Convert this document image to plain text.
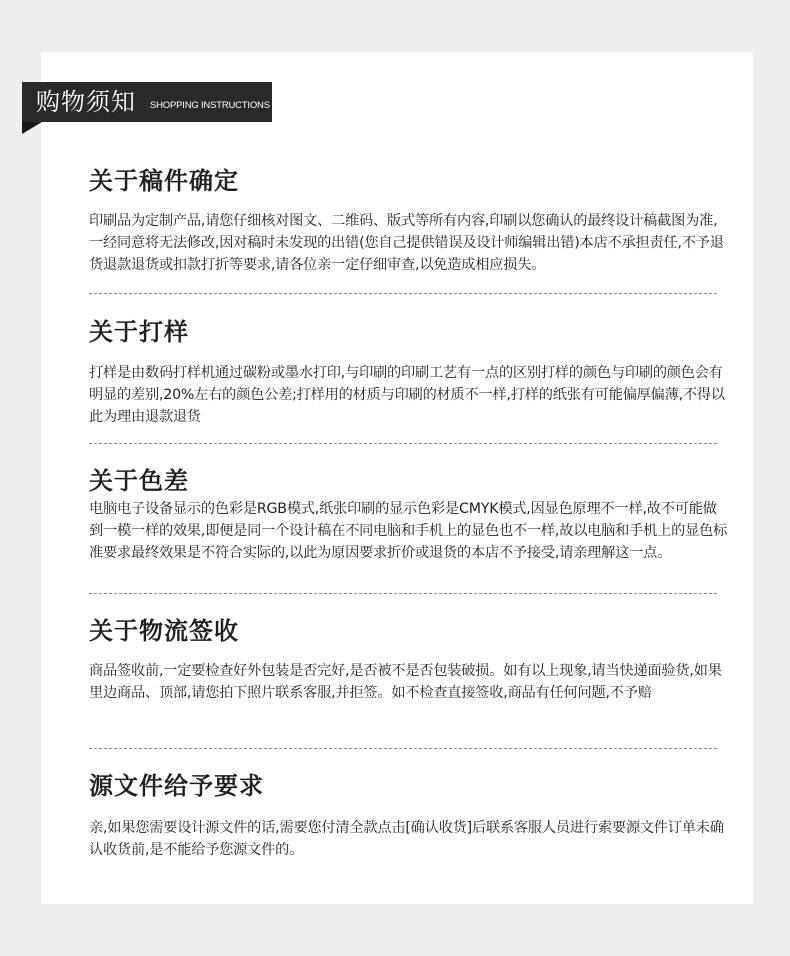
购物须知 SHOPPING INSTRUCTIONS
关于稿件确定

印刷品为定制产品,请您仔细核对图文、二维码、版式等所有内容,印刷以您确认的最终设计稿截图为准,一经同意将无法修改,因对稿时未发现的出错(您自己提供错误及设计师编辑出错)本店不承担责任,不予退货退款退货或扣款打折等要求,请各位亲一定仔细审查,以免造成相应损失。

关于打样

打样是由数码打样机通过碳粉或墨水打印,与印刷的印刷工艺有一点的区别打样的颜色与印刷的颜色会有明显的差别,20%左右的颜色公差;打样用的材质与印刷的材质不一样,打样的纸张有可能偏厚偏薄,不得以此为理由退款退货

关于色差

电脑电子设备显示的色彩是RGB模式,纸张印刷的显示色彩是CMYK模式,因显色原理不一样,故不可能做到一模一样的效果,即便是同一个设计稿在不同电脑和手机上的显色也不一样,故以电脑和手机上的显色标准要求最终效果是不符合实际的,以此为原因要求折价或退货的本店不予接受,请亲理解这一点。

关于物流签收

商品签收前,一定要检查好外包装是否完好,是否被不是否包装破损。如有以上现象,请当快递面验货,如果里边商品、顶部,请您拍下照片联系客服,并拒签。如不检查直接签收,商品有任何问题,不予赔

源文件给予要求

亲,如果您需要设计源文件的话,需要您付清全款点击[确认收货]后联系客服人员进行索要源文件订单未确认收货前,是不能给予您源文件的。
